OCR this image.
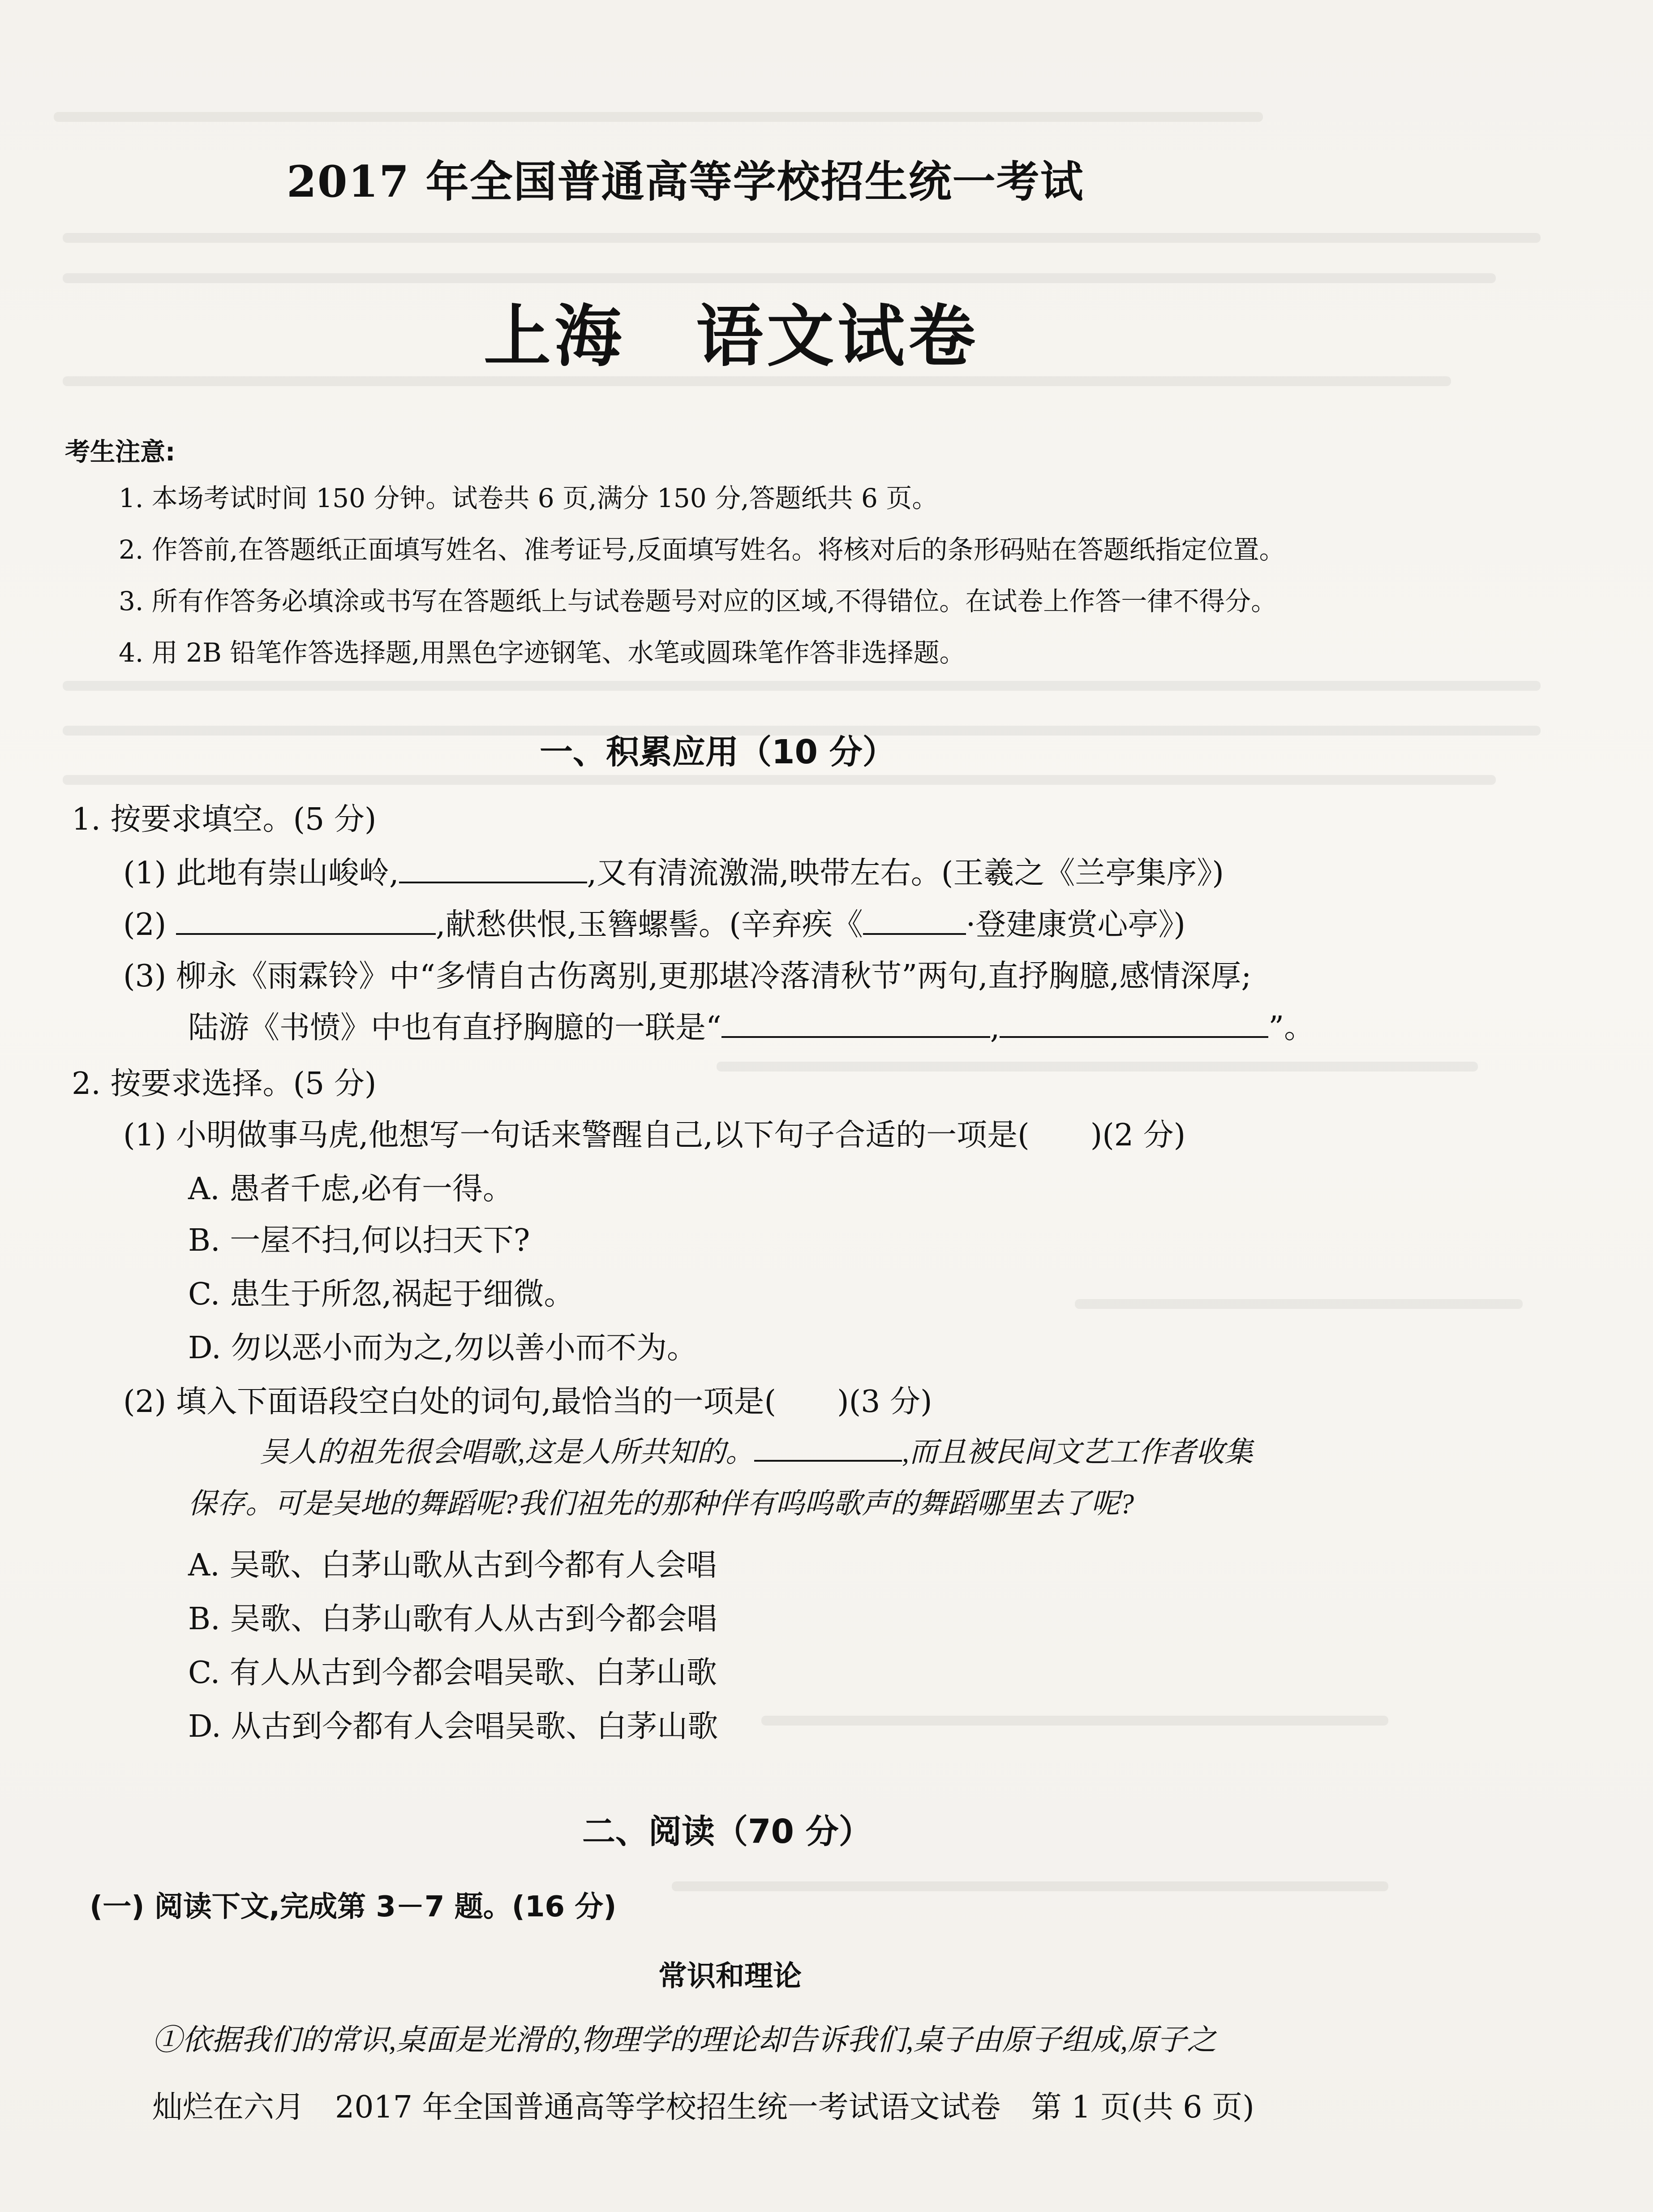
2017 年全国普通高等学校招生统一考试
上海　语文试卷
考生注意:
1. 本场考试时间 150 分钟。试卷共 6 页,满分 150 分,答题纸共 6 页。
2. 作答前,在答题纸正面填写姓名、准考证号,反面填写姓名。将核对后的条形码贴在答题纸指定位置。
3. 所有作答务必填涂或书写在答题纸上与试卷题号对应的区域,不得错位。在试卷上作答一律不得分。
4. 用 2B 铅笔作答选择题,用黑色字迹钢笔、水笔或圆珠笔作答非选择题。
一、积累应用（10 分）
1. 按要求填空。(5 分)
(1) 此地有崇山峻岭,	,又有清流激湍,映带左右。(王羲之《兰亭集序》)
(2)	,献愁供恨,玉簪螺髻。(辛弃疾《	·登建康赏心亭》)
(3) 柳永《雨霖铃》中“多情自古伤离别,更那堪冷落清秋节”两句,直抒胸臆,感情深厚;
陆游《书愤》中也有直抒胸臆的一联是“	,	”。
2. 按要求选择。(5 分)
(1) 小明做事马虎,他想写一句话来警醒自己,以下句子合适的一项是(　　)(2 分)
A. 愚者千虑,必有一得。
B. 一屋不扫,何以扫天下?
C. 患生于所忽,祸起于细微。
D. 勿以恶小而为之,勿以善小而不为。
(2) 填入下面语段空白处的词句,最恰当的一项是(　　)(3 分)
吴人的祖先很会唱歌,这是人所共知的。	,而且被民间文艺工作者收集
保存。可是吴地的舞蹈呢?我们祖先的那种伴有呜呜歌声的舞蹈哪里去了呢?
A. 吴歌、白茅山歌从古到今都有人会唱
B. 吴歌、白茅山歌有人从古到今都会唱
C. 有人从古到今都会唱吴歌、白茅山歌
D. 从古到今都有人会唱吴歌、白茅山歌
二、阅读（70 分）
(一) 阅读下文,完成第 3－7 题。(16 分)
常识和理论
①依据我们的常识,桌面是光滑的,物理学的理论却告诉我们,桌子由原子组成,原子之
灿烂在六月　2017 年全国普通高等学校招生统一考试语文试卷　第 1 页(共 6 页)
